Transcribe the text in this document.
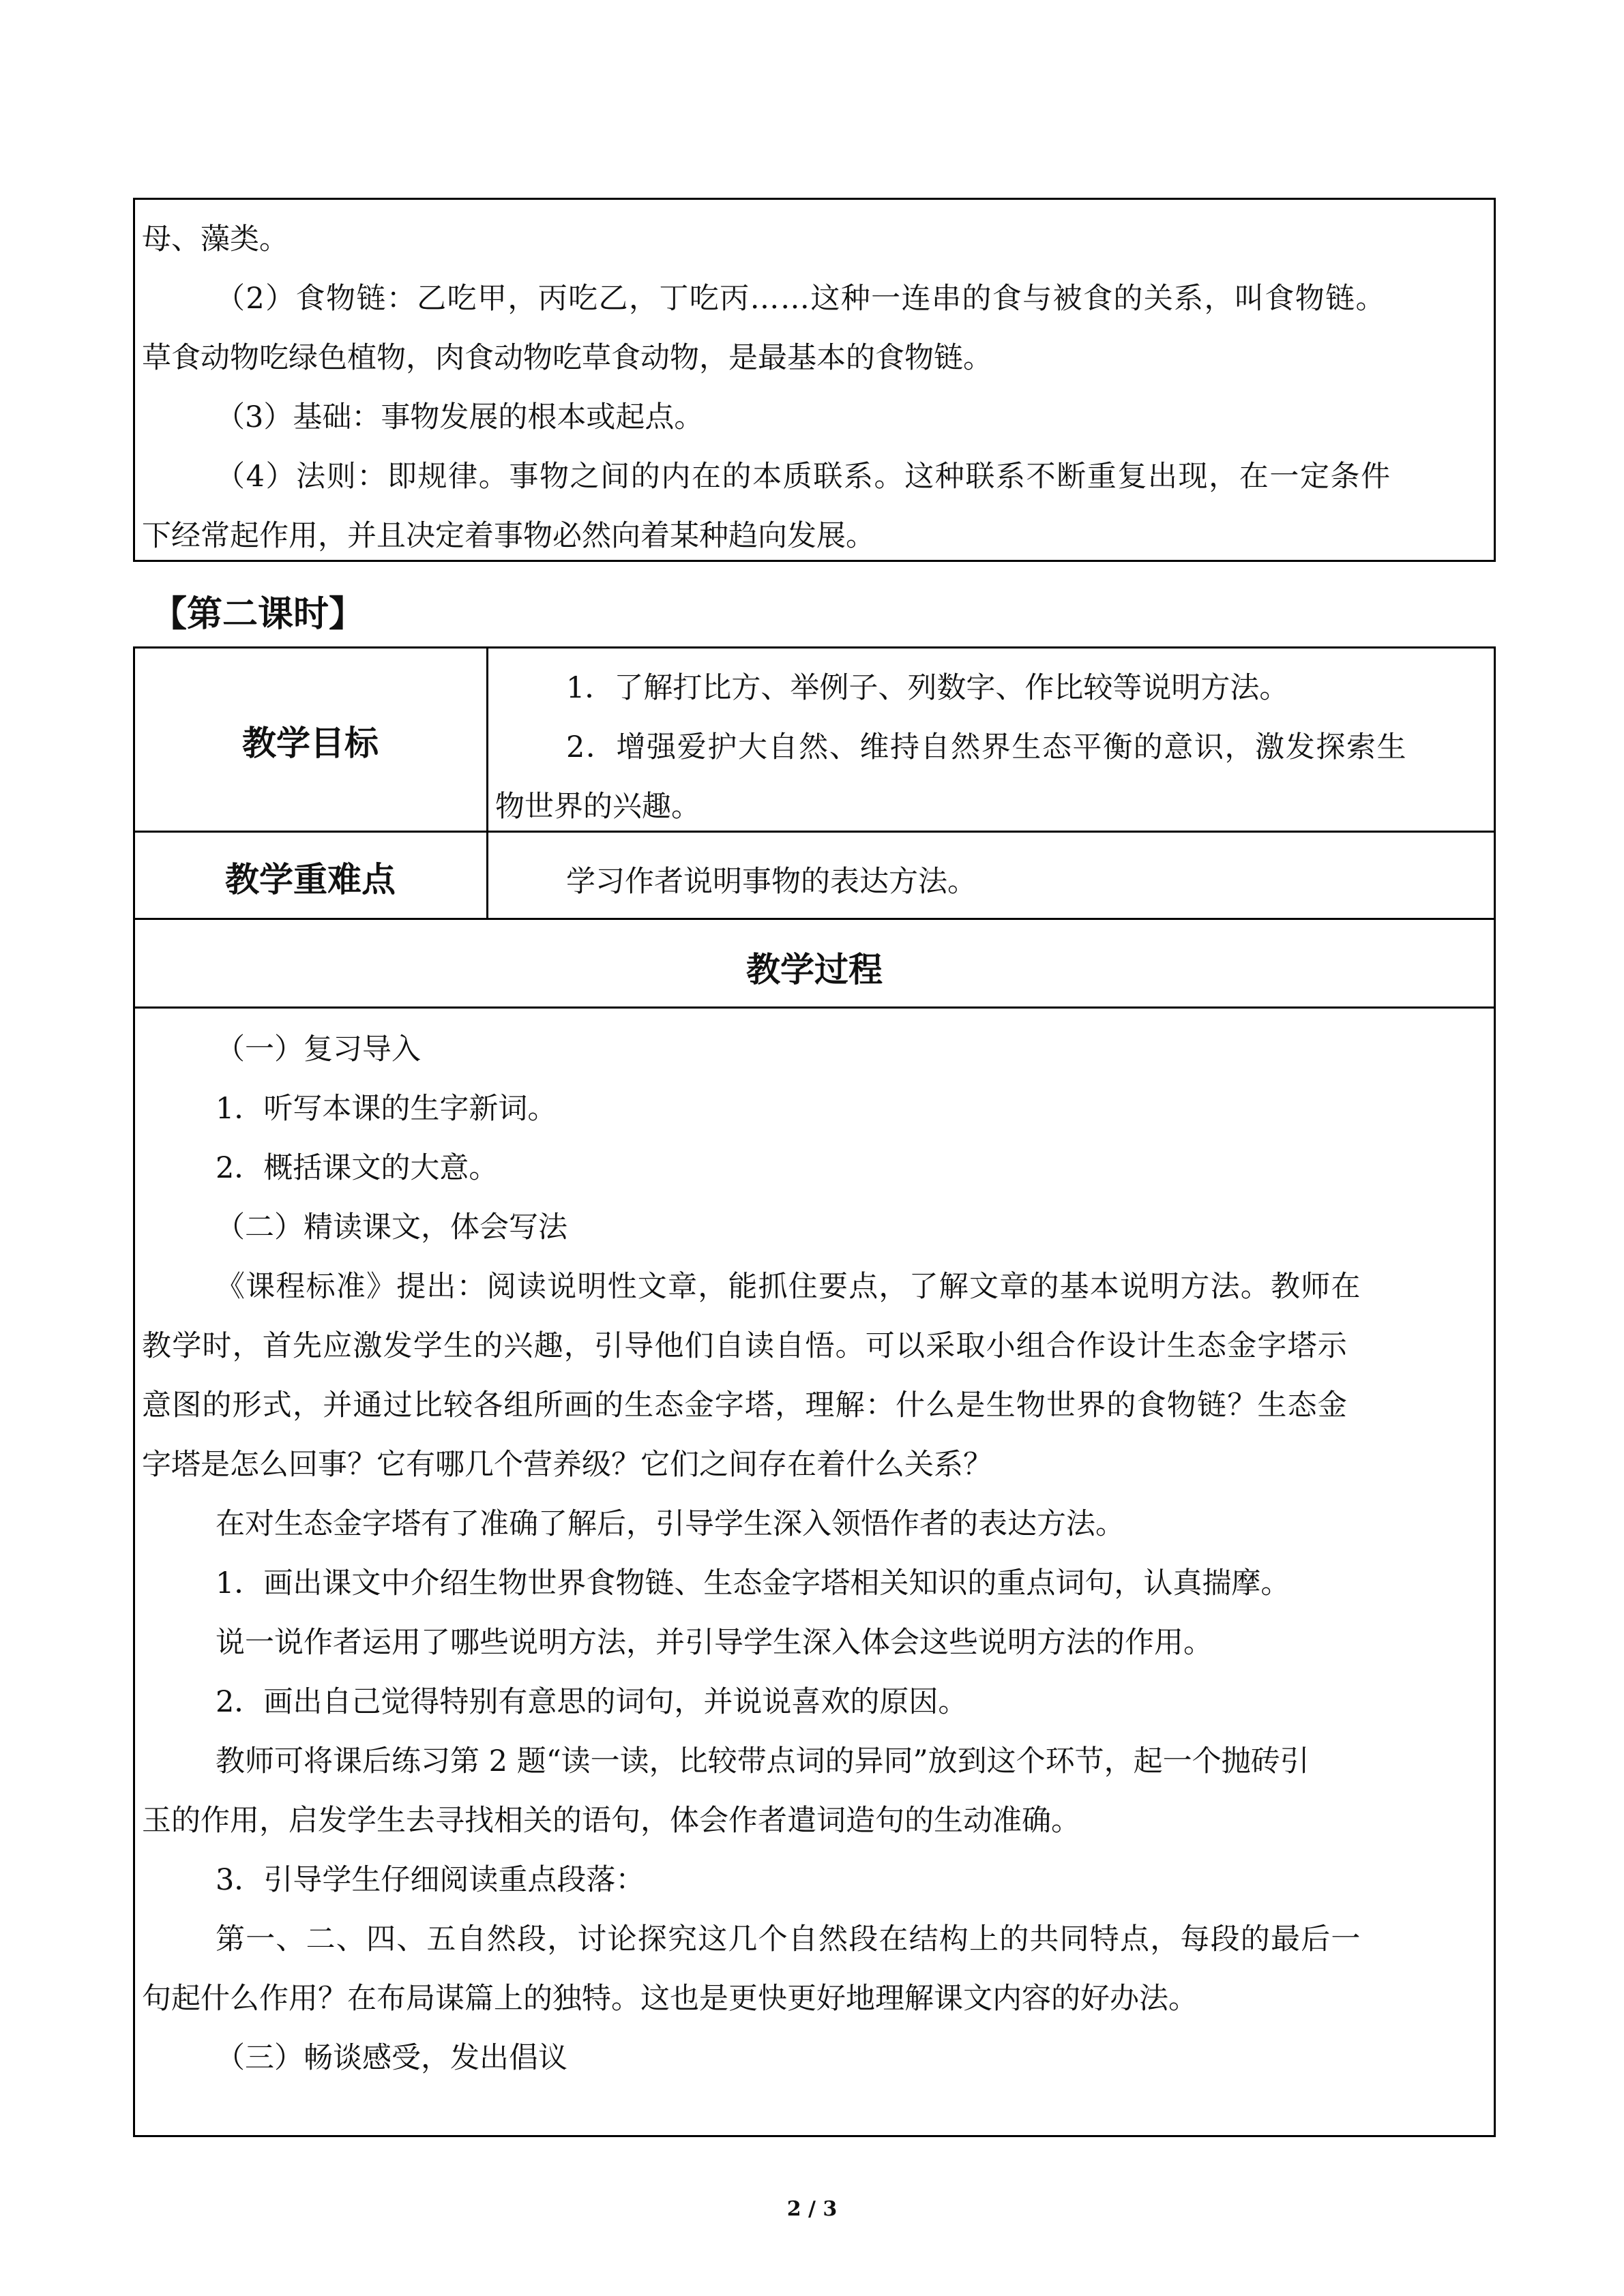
母、藻类。

（2）食物链：乙吃甲，丙吃乙，丁吃丙……这种一连串的食与被食的关系，叫食物链。

草食动物吃绿色植物，肉食动物吃草食动物，是最基本的食物链。

（3）基础：事物发展的根本或起点。

（4）法则：即规律。事物之间的内在的本质联系。这种联系不断重复出现，在一定条件

下经常起作用，并且决定着事物必然向着某种趋向发展。

【第二课时】
教学目标

1．了解打比方、举例子、列数字、作比较等说明方法。

2．增强爱护大自然、维持自然界生态平衡的意识，激发探索生

物世界的兴趣。

教学重难点	学习作者说明事物的表达方法。

教学过程

（一）复习导入

1．听写本课的生字新词。

2．概括课文的大意。

（二）精读课文，体会写法

《课程标准》提出：阅读说明性文章，能抓住要点，了解文章的基本说明方法。教师在

教学时，首先应激发学生的兴趣，引导他们自读自悟。可以采取小组合作设计生态金字塔示

意图的形式，并通过比较各组所画的生态金字塔，理解：什么是生物世界的食物链？生态金

字塔是怎么回事？它有哪几个营养级？它们之间存在着什么关系？

在对生态金字塔有了准确了解后，引导学生深入领悟作者的表达方法。

1．画出课文中介绍生物世界食物链、生态金字塔相关知识的重点词句，认真揣摩。

说一说作者运用了哪些说明方法，并引导学生深入体会这些说明方法的作用。

2．画出自己觉得特别有意思的词句，并说说喜欢的原因。

教师可将课后练习第 2 题“读一读，比较带点词的异同”放到这个环节，起一个抛砖引

玉的作用，启发学生去寻找相关的语句，体会作者遣词造句的生动准确。

3．引导学生仔细阅读重点段落：

第一、二、四、五自然段，讨论探究这几个自然段在结构上的共同特点，每段的最后一

句起什么作用？在布局谋篇上的独特。这也是更快更好地理解课文内容的好办法。

（三）畅谈感受，发出倡议

2 / 3
